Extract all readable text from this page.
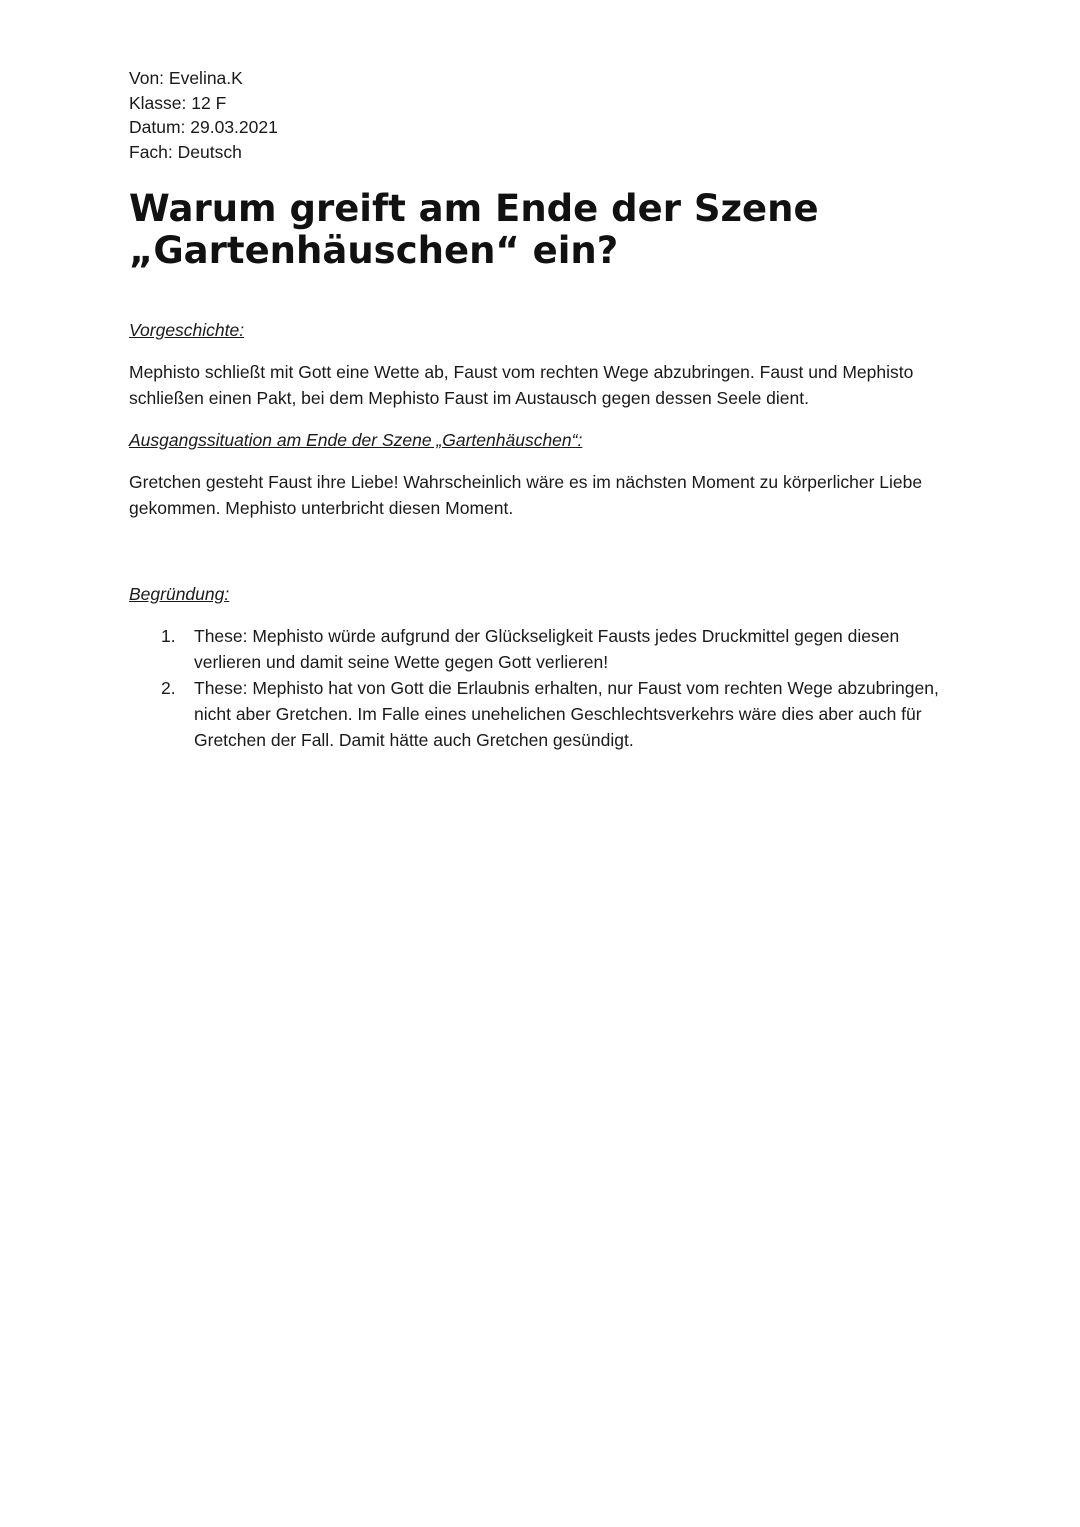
Von: Evelina.K

Klasse: 12 F

Datum: 29.03.2021

Fach: Deutsch

Warum greift am Ende der Szene
„Gartenhäuschen“ ein?

Vorgeschichte:

Mephisto schließt mit Gott eine Wette ab, Faust vom rechten Wege abzubringen. Faust und Mephisto schließen einen Pakt, bei dem Mephisto Faust im Austausch gegen dessen Seele dient.

Ausgangssituation am Ende der Szene „Gartenhäuschen“:

Gretchen gesteht Faust ihre Liebe! Wahrscheinlich wäre es im nächsten Moment zu körperlicher Liebe gekommen. Mephisto unterbricht diesen Moment.

Begründung:

1.	These: Mephisto würde aufgrund der Glückseligkeit Fausts jedes Druckmittel gegen diesen verlieren und damit seine Wette gegen Gott verlieren!
2.	These: Mephisto hat von Gott die Erlaubnis erhalten, nur Faust vom rechten Wege abzubringen, nicht aber Gretchen. Im Falle eines unehelichen Geschlechtsverkehrs wäre dies aber auch für Gretchen der Fall. Damit hätte auch Gretchen gesündigt.
